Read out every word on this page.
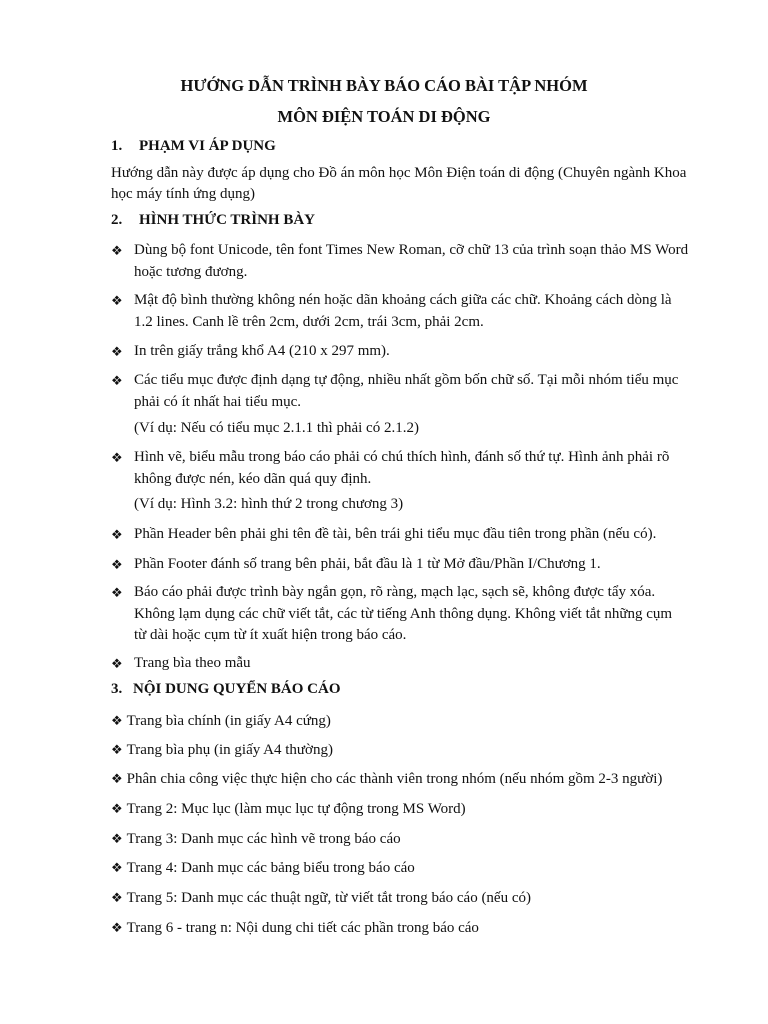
HƯỚNG DẪN TRÌNH BÀY BÁO CÁO BÀI TẬP NHÓM
MÔN ĐIỆN TOÁN DI ĐỘNG
1. PHẠM VI ÁP DỤNG
Hướng dẫn này được áp dụng cho Đồ án môn học Môn Điện toán di động (Chuyên ngành Khoa
học máy tính ứng dụng)
2. HÌNH THỨC TRÌNH BÀY
❖ Dùng bộ font Unicode, tên font Times New Roman, cỡ chữ 13 của trình soạn thảo MS Word
hoặc tương đương.
❖ Mật độ bình thường không nén hoặc dãn khoảng cách giữa các chữ. Khoảng cách dòng là
1.2 lines. Canh lề trên 2cm, dưới 2cm, trái 3cm, phải 2cm.
❖ In trên giấy trắng khổ A4 (210 x 297 mm).
❖ Các tiểu mục được định dạng tự động, nhiều nhất gồm bốn chữ số. Tại mỗi nhóm tiểu mục
phải có ít nhất hai tiểu mục.
(Ví dụ: Nếu có tiểu mục 2.1.1 thì phải có 2.1.2)
❖ Hình vẽ, biểu mẫu trong báo cáo phải có chú thích hình, đánh số thứ tự. Hình ảnh phải rõ
không được nén, kéo dãn quá quy định.
(Ví dụ: Hình 3.2: hình thứ 2 trong chương 3)
❖ Phần Header bên phải ghi tên đề tài, bên trái ghi tiểu mục đầu tiên trong phần (nếu có).
❖ Phần Footer đánh số trang bên phải, bắt đầu là 1 từ Mở đầu/Phần I/Chương 1.
❖ Báo cáo phải được trình bày ngắn gọn, rõ ràng, mạch lạc, sạch sẽ, không được tẩy xóa.
Không lạm dụng các chữ viết tắt, các từ tiếng Anh thông dụng. Không viết tắt những cụm
từ dài hoặc cụm từ ít xuất hiện trong báo cáo.
❖ Trang bìa theo mẫu
3. NỘI DUNG QUYỂN BÁO CÁO
❖ Trang bìa chính (in giấy A4 cứng)
❖ Trang bìa phụ (in giấy A4 thường)
❖ Phân chia công việc thực hiện cho các thành viên trong nhóm (nếu nhóm gồm 2-3 người)
❖ Trang 2: Mục lục (làm mục lục tự động trong MS Word)
❖ Trang 3: Danh mục các hình vẽ trong báo cáo
❖ Trang 4: Danh mục các bảng biểu trong báo cáo
❖ Trang 5: Danh mục các thuật ngữ, từ viết tắt trong báo cáo (nếu có)
❖ Trang 6 - trang n: Nội dung chi tiết các phần trong báo cáo
